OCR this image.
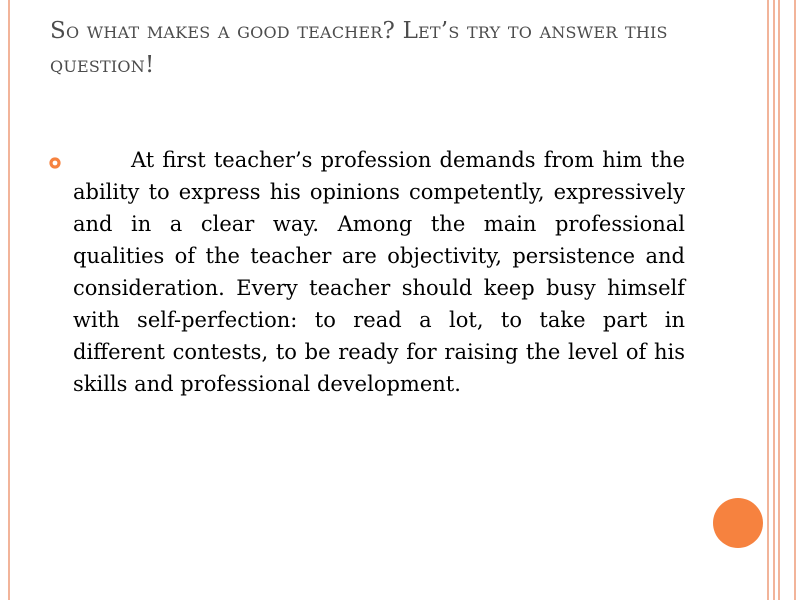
So what makes a good teacher? Let’s try to answer this question!
At first teacher’s profession demands from him the ability to express his opinions competently, expressively and in a clear way. Among the main professional qualities of the teacher are objectivity, persistence and consideration. Every teacher should keep busy himself with self-perfection: to read a lot, to take part in different contests, to be ready for raising the level of his skills and professional development.
